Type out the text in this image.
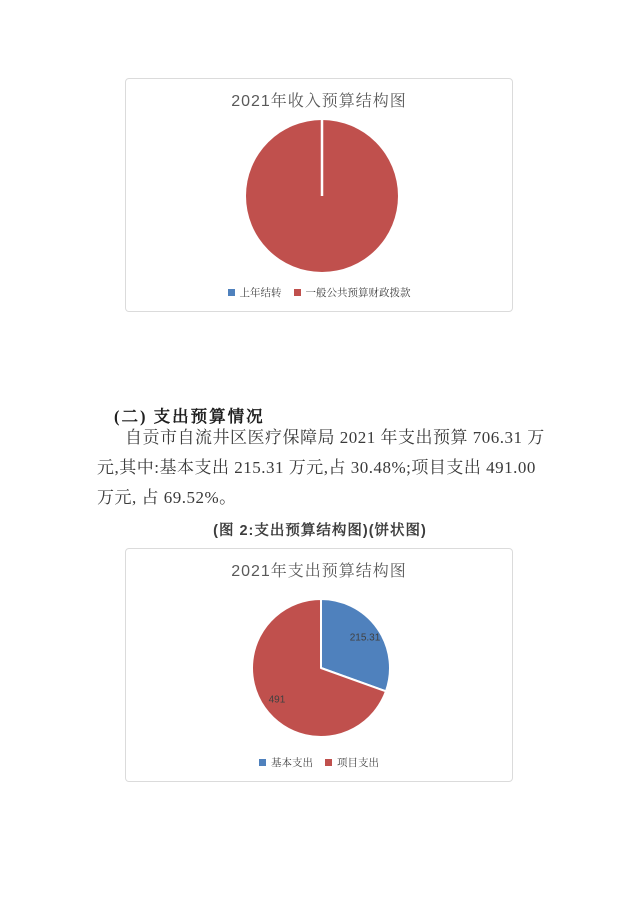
2021年收入预算结构图
上年结转 一般公共预算财政拨款
(二) 支出预算情况
自贡市自流井区医疗保障局 2021 年支出预算 706.31 万
元,其中:基本支出 215.31 万元,占 30.48%;项目支出 491.00
万元, 占 69.52%。
(图 2:支出预算结构图)(饼状图)
2021年支出预算结构图
215.31
491
基本支出 项目支出
